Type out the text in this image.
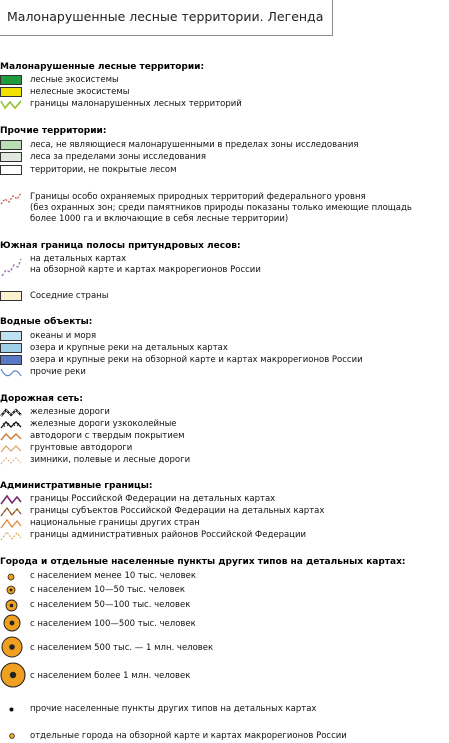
Малонарушенные лесные территории. Легенда
Малонарушенные лесные территории:
лесные экосистемы
нелесные экосистемы
границы малонарушенных лесных территорий
Прочие территории:
леса, не являющиеся малонарушенными в пределах зоны исследования
леса за пределами зоны исследования
территории, не покрытые лесом
Границы особо охраняемых природных территорий федерального уровня
(без охранных зон; среди памятников природы показаны только имеющие площадь
более 1000 га и включающие в себя лесные территории)
Южная граница полосы притундровых лесов:
на детальных картах
на обзорной карте и картах макрорегионов России
Соседние страны
Водные объекты:
океаны и моря
озера и крупные реки на детальных картах
озера и крупные реки на обзорной карте и картах макрорегионов России
прочие реки
Дорожная сеть:
железные дороги
железные дороги узкоколейные
автодороги с твердым покрытием
грунтовые автодороги
зимники, полевые и лесные дороги
Административные границы:
границы Российской Федерации на детальных картах
границы субъектов Российской Федерации на детальных картах
национальные границы других стран
границы административных районов Российской Федерации
Города и отдельные населенные пункты других типов на детальных картах:
с населением менее 10 тыс. человек
с населением 10—50 тыс. человек
с населением 50—100 тыс. человек
с населением 100—500 тыс. человек
с населением 500 тыс. — 1 млн. человек
с населением более 1 млн. человек
прочие населенные пункты других типов на детальных картах
отдельные города на обзорной карте и картах макрорегионов России
